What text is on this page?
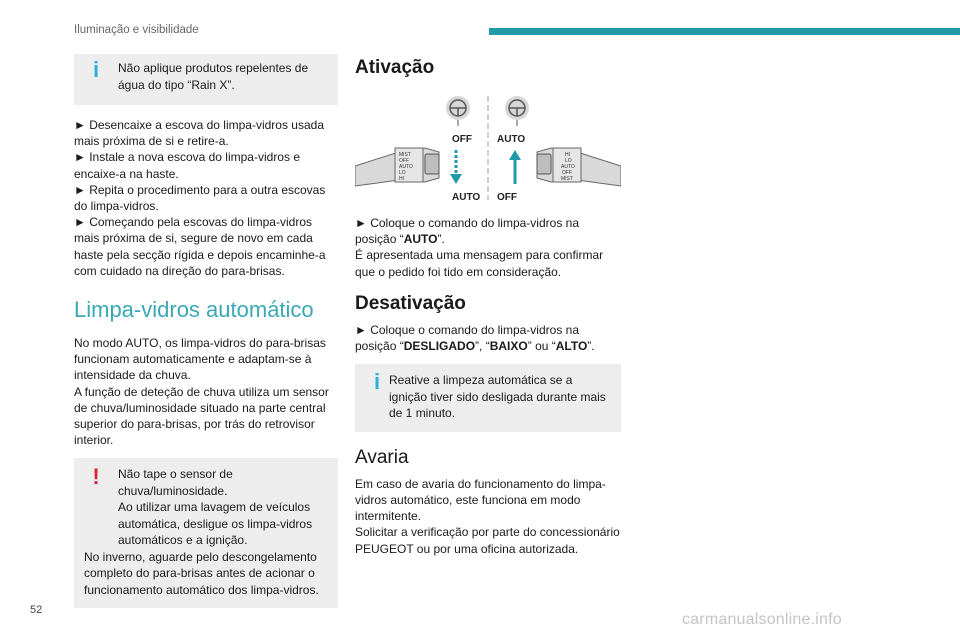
Iluminação e visibilidade
i	Não aplique produtos repelentes de água do tipo “Rain X”.

► Desencaixe a escova do limpa-vidros usada mais próxima de si e retire-a.

► Instale a nova escova do limpa-vidros e encaixe-a na haste.

► Repita o procedimento para a outra escovas do limpa-vidros.

► Começando pela escovas do limpa-vidros mais próxima de si, segure de novo em cada haste pela secção rígida e depois encaminhe-a com cuidado na direção do para-brisas.

Limpa-vidros automático

No modo AUTO, os limpa-vidros do para-brisas funcionam automaticamente e adaptam-se à intensidade da chuva.

A função de deteção de chuva utiliza um sensor de chuva/luminosidade situado na parte central superior do para-brisas, por trás do retrovisor interior.

!	Não tape o sensor de chuva/luminosidade.

Ao utilizar uma lavagem de veículos automática, desligue os limpa-vidros automáticos e a ignição.

No inverno, aguarde pelo descongelamento completo do para-brisas antes de acionar o funcionamento automático dos limpa-vidros.

Ativação
OFF	AUTO
AUTO OFF
MIST
OFF
AUTO
LO
HI
HI
LO
AUTO
OFF
MIST

► Coloque o comando do limpa-vidros na posição “AUTO”.

É apresentada uma mensagem para confirmar que o pedido foi tido em consideração.

Desativação

► Coloque o comando do limpa-vidros na posição “DESLIGADO”, “BAIXO” ou “ALTO”.

i Reative a limpeza automática se a ignição tiver sido desligada durante mais de 1 minuto.

Avaria

Em caso de avaria do funcionamento do limpa-vidros automático, este funciona em modo intermitente.

Solicitar a verificação por parte do concessionário PEUGEOT ou por uma oficina autorizada.

52
carmanualsonline.info
